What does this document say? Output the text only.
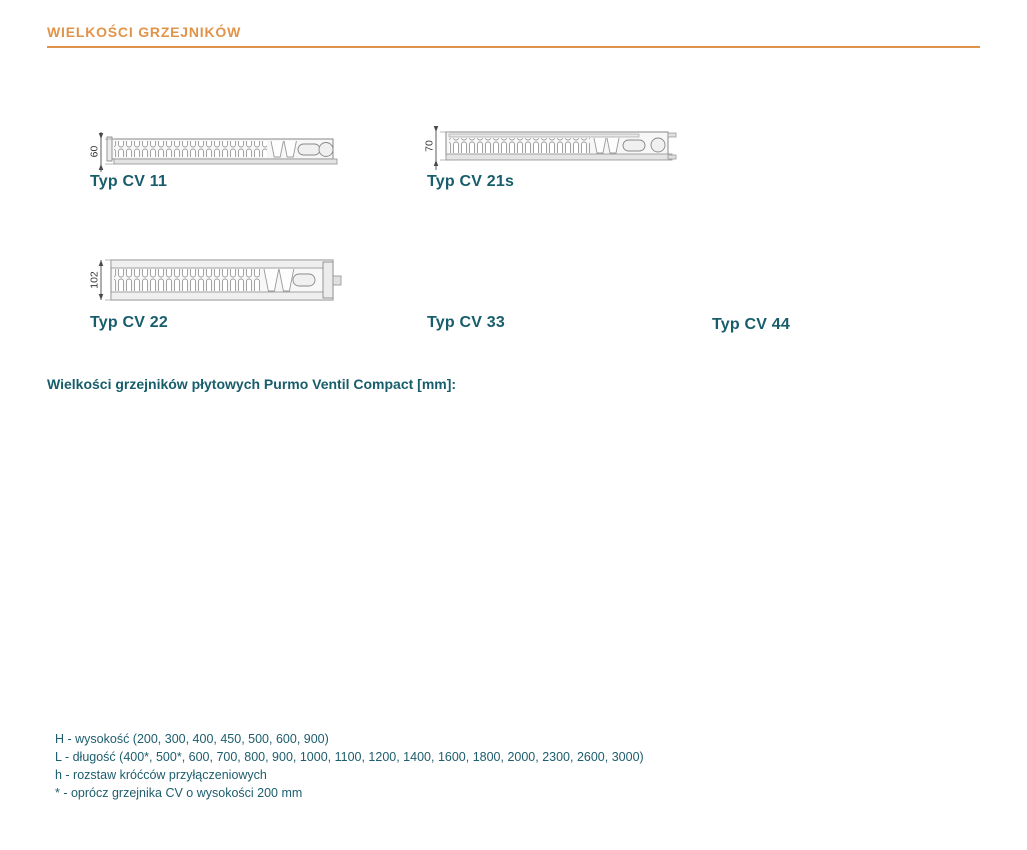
WIELKOŚCI GRZEJNIKÓW
Typ CV 11	Typ CV 21s
Typ CV 22	Typ CV 33	Typ CV 44
60	70
102
Wielkości grzejników płytowych Purmo Ventil Compact [mm]:
H - wysokość (200, 300, 400, 450, 500, 600, 900)
L - długość (400*, 500*, 600, 700, 800, 900, 1000, 1100, 1200, 1400, 1600, 1800, 2000, 2300, 2600, 3000)
h - rozstaw króćców przyłączeniowych
* - oprócz grzejnika CV o wysokości 200 mm
